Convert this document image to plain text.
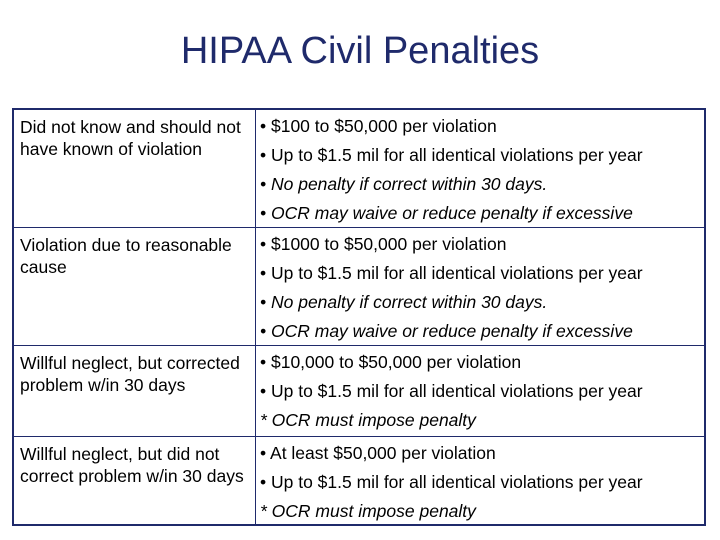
HIPAA Civil Penalties
Did not know and should not have known of violation
• $100 to $50,000 per violation
• Up to $1.5 mil for all identical violations per year
• No penalty if correct within 30 days.
• OCR may waive or reduce penalty if excessive
Violation due to reasonable cause
• $1000 to $50,000 per violation
• Up to $1.5 mil for all identical violations per year
• No penalty if correct within 30 days.
• OCR may waive or reduce penalty if excessive
Willful neglect, but corrected problem w/in 30 days
• $10,000 to $50,000 per violation
• Up to $1.5 mil for all identical violations per year
* OCR must impose penalty
Willful neglect, but did not correct problem w/in 30 days
• At least $50,000 per violation
• Up to $1.5 mil for all identical violations per year
* OCR must impose penalty
